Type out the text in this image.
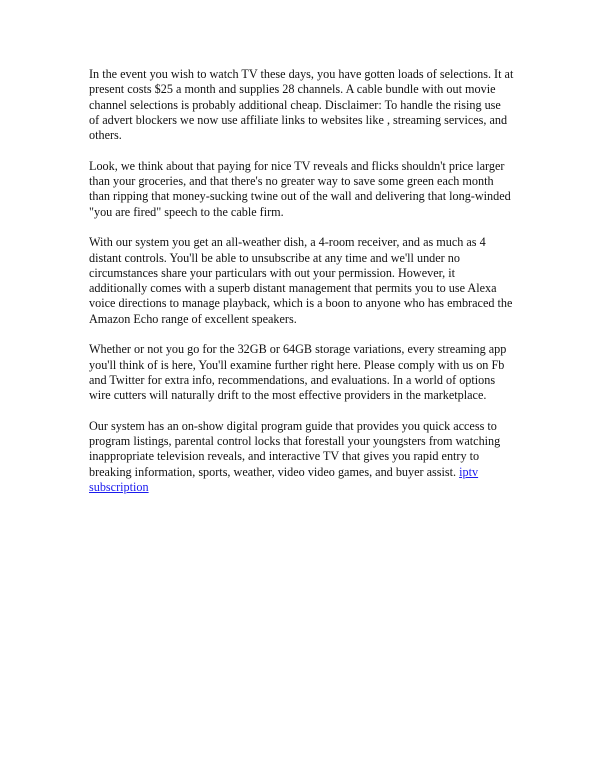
In the event you wish to watch TV these days, you have gotten loads of selections. It at present costs $25 a month and supplies 28 channels. A cable bundle with out movie channel selections is probably additional cheap. Disclaimer: To handle the rising use of advert blockers we now use affiliate links to websites like , streaming services, and others.

Look, we think about that paying for nice TV reveals and flicks shouldn't price larger than your groceries, and that there's no greater way to save some green each month than ripping that money-sucking twine out of the wall and delivering that long-winded "you are fired" speech to the cable firm.

With our system you get an all-weather dish, a 4-room receiver, and as much as 4 distant controls. You'll be able to unsubscribe at any time and we'll under no circumstances share your particulars with out your permission. However, it additionally comes with a superb distant management that permits you to use Alexa voice directions to manage playback, which is a boon to anyone who has embraced the Amazon Echo range of excellent speakers.

Whether or not you go for the 32GB or 64GB storage variations, every streaming app you'll think of is here, You'll examine further right here. Please comply with us on Fb and Twitter for extra info, recommendations, and evaluations. In a world of options wire cutters will naturally drift to the most effective providers in the marketplace.

Our system has an on-show digital program guide that provides you quick access to program listings, parental control locks that forestall your youngsters from watching inappropriate television reveals, and interactive TV that gives you rapid entry to breaking information, sports, weather, video video games, and buyer assist. iptv subscription
